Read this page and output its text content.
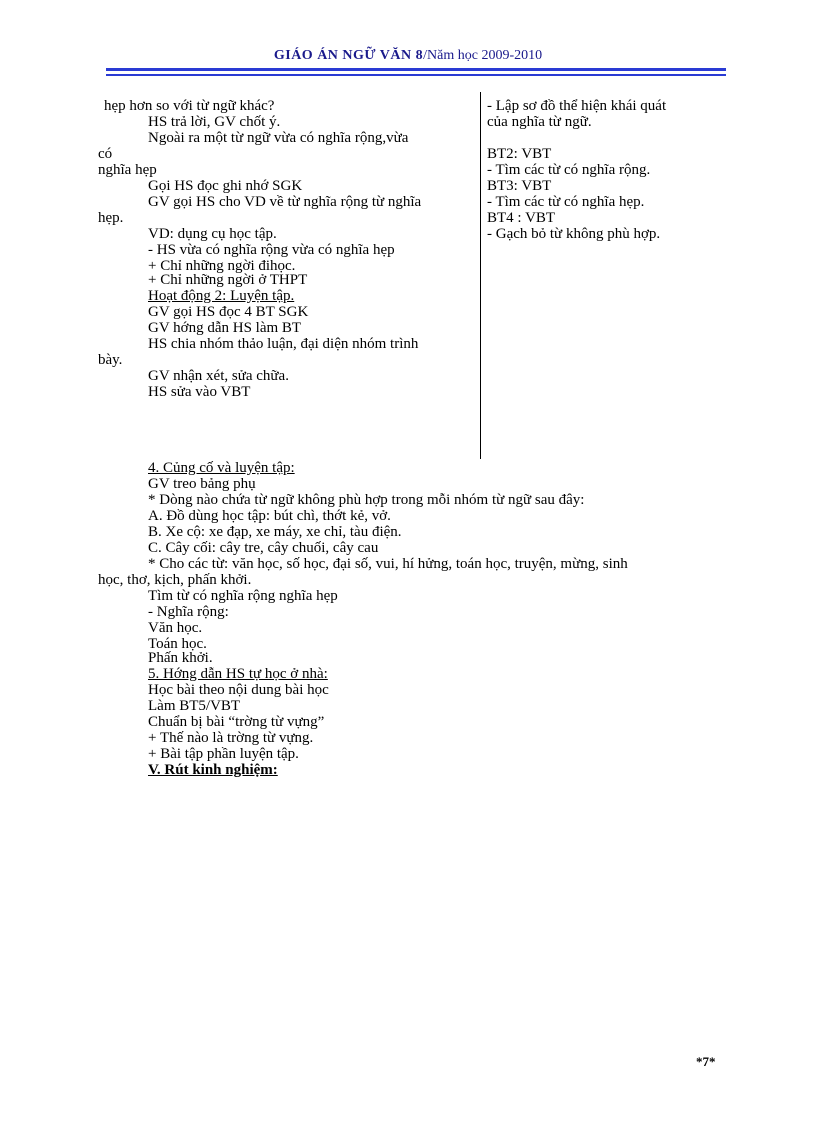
GIÁO ÁN NGỮ VĂN 8/Năm học 2009-2010
hẹp hơn so với từ ngữ khác?
HS trả lời, GV chốt ý.
Ngoài ra một từ ngữ vừa có nghĩa rộng,vừa
có
nghĩa hẹp
Gọi HS đọc ghi nhớ SGK
GV gọi HS cho VD về từ nghĩa rộng từ nghĩa
hẹp.
VD: dụng cụ học tập.
- HS vừa có nghĩa rộng vừa có nghĩa hẹp
+ Chỉ những ngời đihọc.
+ Chỉ những ngời ở THPT
Hoạt động 2: Luyện tập.
GV gọi HS đọc 4 BT SGK
GV hớng dẫn HS làm BT
HS chia nhóm thảo luận, đại diện nhóm trình
bày.
GV nhận xét, sửa chữa.
HS sửa vào VBT
- Lập sơ đồ thể hiện khái quát
của nghĩa từ ngữ.
BT2: VBT
- Tìm các từ có nghĩa rộng.
BT3: VBT
- Tìm các từ có nghĩa hẹp.
BT4 : VBT
- Gạch bỏ từ không phù hợp.
4. Củng cố và luyện tập:
GV treo bảng phụ
* Dòng nào chứa từ ngữ không phù hợp trong mỗi nhóm từ ngữ sau đây:
A. Đồ dùng học tập: bút chì, thớt kẻ, vở.
B. Xe cộ: xe đạp, xe máy, xe chỉ, tàu điện.
C. Cây cối: cây tre, cây chuối, cây cau
* Cho các từ: văn học, số học, đại số, vui, hí hửng, toán học, truyện, mừng, sinh
học, thơ, kịch, phấn khởi.
Tìm từ có nghĩa rộng nghĩa hẹp
- Nghĩa rộng:
Văn học.
Toán học.
Phấn khởi.
5. Hớng dẫn HS tự học ở nhà:
Học bài theo nội dung bài học
Làm BT5/VBT
Chuẩn bị bài “trờng từ vựng”
+ Thế nào là trờng từ vựng.
+ Bài tập phần luyện tập.
V. Rút kinh nghiệm:
*7*
